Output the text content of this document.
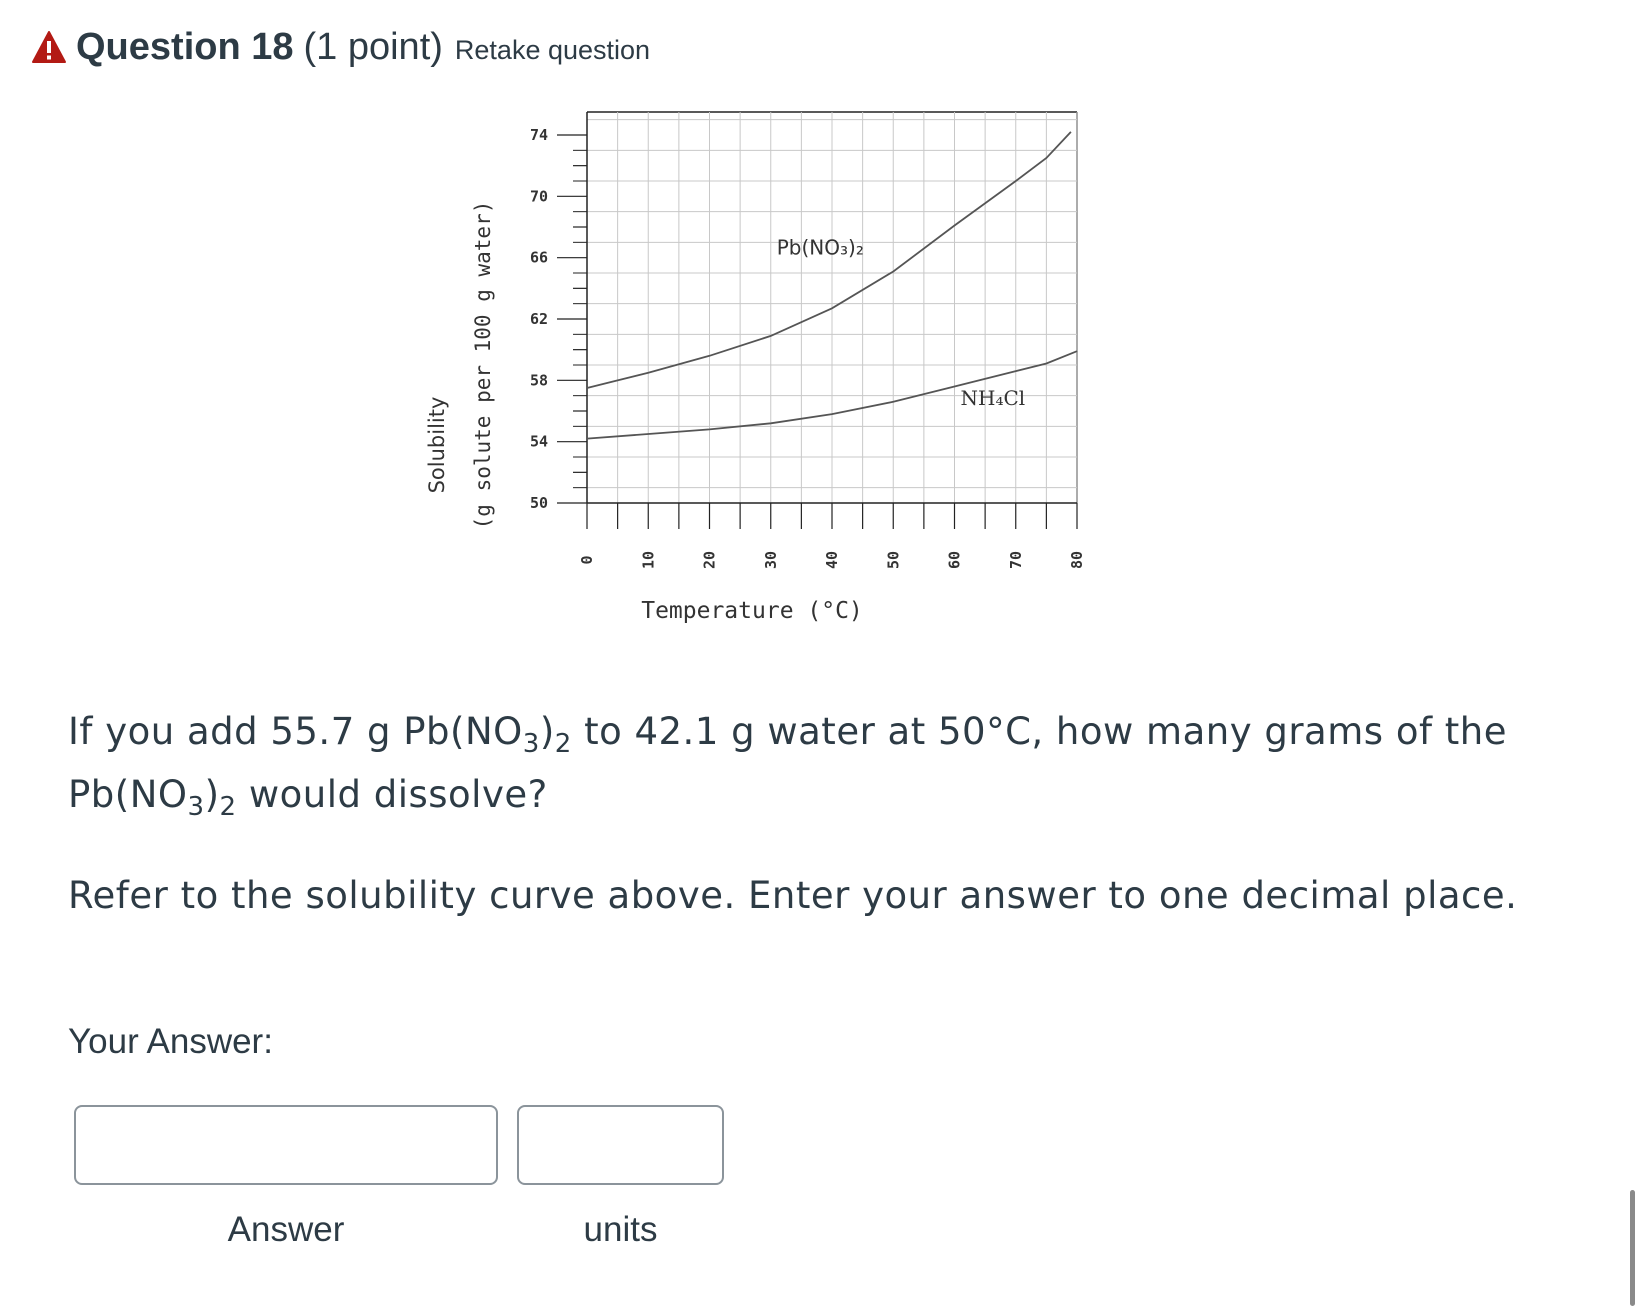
Question 18 (1 point) Retake question
50
54
58
62
66
70
74
0	10	20	30	40	50	60	70	80
Pb(NO₃)₂
NH₄Cl
Temperature (°C)
Solubility (g solute per 100 g water)
If you add 55.7 g $Pb(NO_3)_2$ to 42.1 g water at 50°C, how many grams of the $Pb(NO_3)_2$ would dissolve?
Refer to the solubility curve above. Enter your answer to one decimal place.
Your Answer:
Answer	units
